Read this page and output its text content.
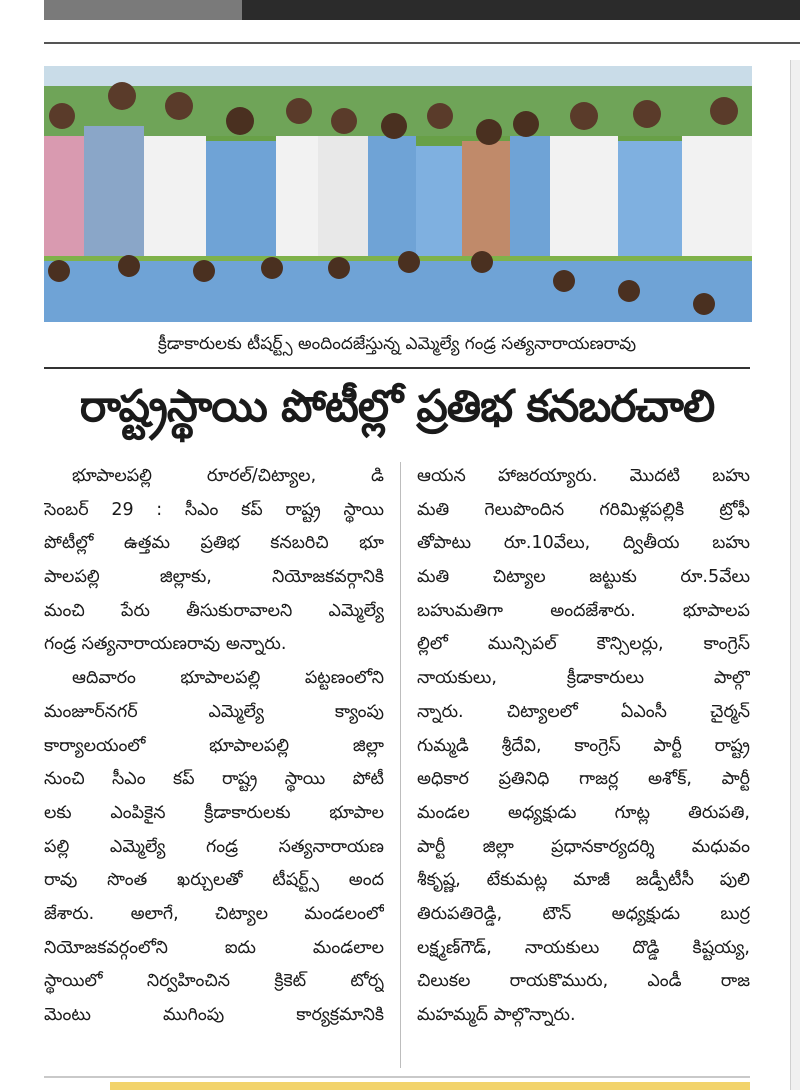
క్రీడాకారులకు టీషర్ట్స్ అందిందజేస్తున్న ఎమ్మెల్యే గండ్ర సత్యనారాయణరావు
రాష్ట్రస్థాయి పోటీల్లో ప్రతిభ కనబరచాలి
భూపాలపల్లి రూరల్/చిట్యాల, డి
సెంబర్ 29 : సీఎం కప్ రాష్ట్ర స్థాయి
పోటీల్లో ఉత్తమ ప్రతిభ కనబరిచి భూ
పాలపల్లి జిల్లాకు, నియోజకవర్గానికి
మంచి పేరు తీసుకురావాలని ఎమ్మెల్యే
గండ్ర సత్యనారాయణరావు అన్నారు.
ఆదివారం భూపాలపల్లి పట్టణంలోని
మంజూర్‌నగర్ ఎమ్మెల్యే క్యాంపు
కార్యాలయంలో భూపాలపల్లి జిల్లా
నుంచి సీఎం కప్ రాష్ట్ర స్థాయి పోటీ
లకు ఎంపికైన క్రీడాకారులకు భూపాల
పల్లి ఎమ్మెల్యే గండ్ర సత్యనారాయణ
రావు సొంత ఖర్చులతో టీషర్ట్స్ అంద
జేశారు. అలాగే, చిట్యాల మండలంలో
నియోజకవర్గంలోని ఐదు మండలాల
స్థాయిలో నిర్వహించిన క్రికెట్ టోర్న
మెంటు ముగింపు కార్యక్రమానికి
ఆయన హాజరయ్యారు. మొదటి బహు
మతి గెలుపొందిన గరిమిళ్లపల్లికి ట్రోఫీ
తోపాటు రూ.10వేలు, ద్వితీయ బహు
మతి చిట్యాల జట్టుకు రూ.5వేలు
బహుమతిగా అందజేశారు. భూపాలప
ల్లిలో మున్సిపల్ కౌన్సిలర్లు, కాంగ్రెస్
నాయకులు, క్రీడాకారులు పాల్గొ
న్నారు. చిట్యాలలో ఏఎంసీ చైర్మన్
గుమ్మడి శ్రీదేవి, కాంగ్రెస్ పార్టీ రాష్ట్ర
అధికార ప్రతినిధి గాజర్ల అశోక్, పార్టీ
మండల అధ్యక్షుడు గూట్ల తిరుపతి,
పార్టీ జిల్లా ప్రధానకార్యదర్శి మధువం
శీకృష్ణ, టేకుమట్ల మాజీ జడ్పీటీసీ పులి
తిరుపతిరెడ్డి, టౌన్ అధ్యక్షుడు బుర్ర
లక్ష్మణ్‌గౌడ్, నాయకులు దొడ్డి కిష్టయ్య,
చిలుకల రాయకొమురు, ఎండీ రాజ
మహమ్మద్ పాల్గొన్నారు.
